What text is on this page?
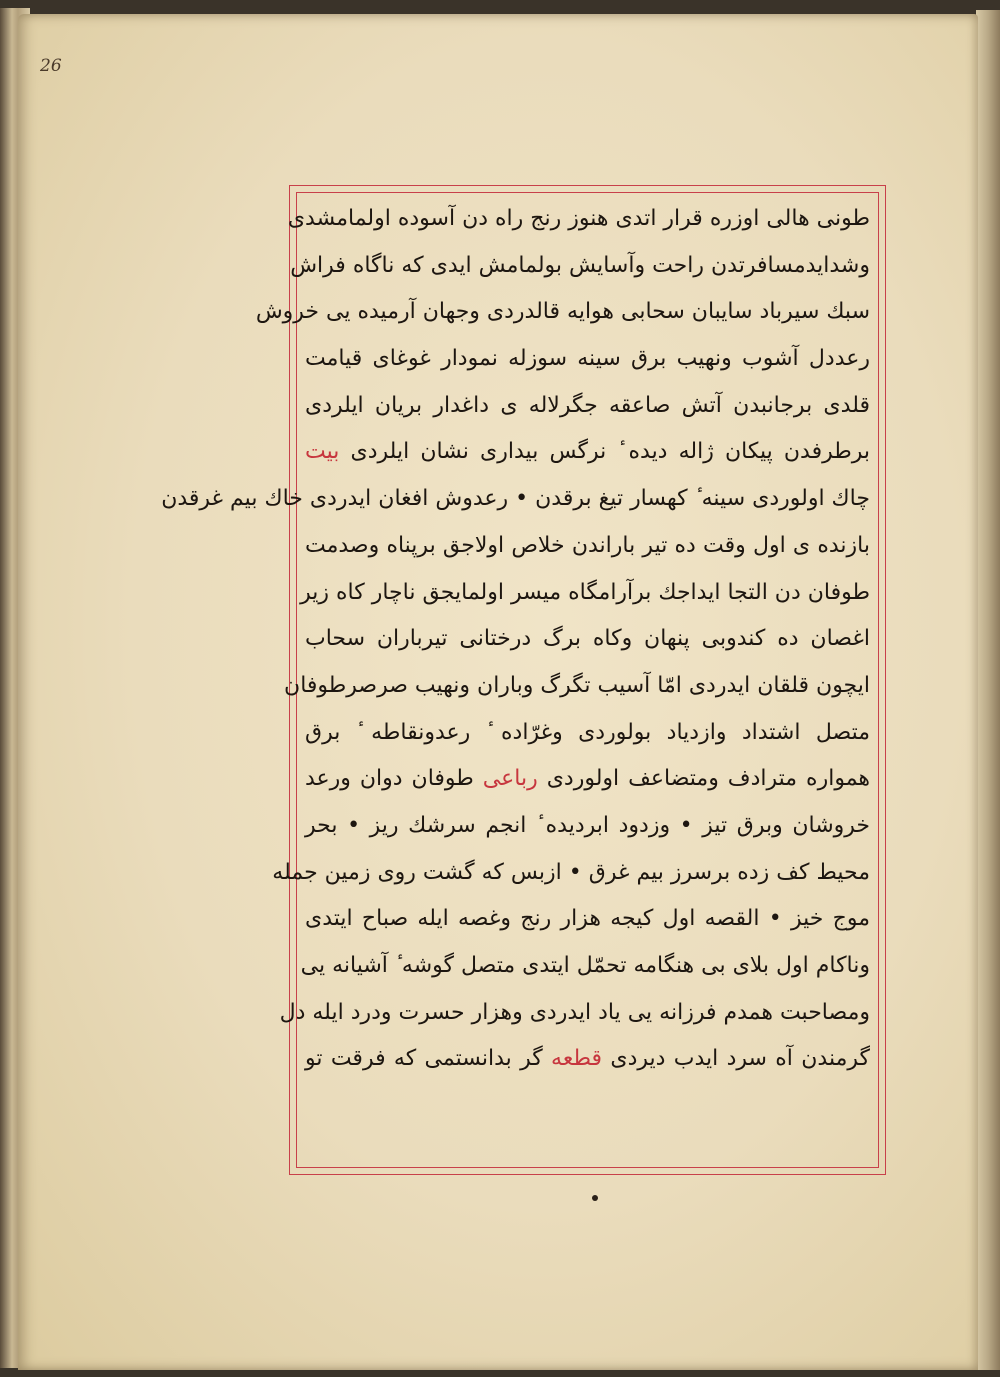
26
طونی هالی اوزره قرار اتدی هنوز رنج راه دن آسوده اولمامشدی
وشدایدمسافرتدن راحت وآسایش بولمامش ایدی که ناگاه فراش
سبك سیرباد سایبان سحابی هوایه قالدردی وجهان آرمیده یی خروش
رعددل آشوب ونهیب برق سینه سوزله نمودار غوغای قیامت
قلدی برجانبدن آتش صاعقه جگرلاله ی داغدار بریان ایلردی
برطرفدن پیکان ژاله دیده ٔ نرگس بیداری نشان ایلردی بیت
چاك اولوردی سینه ٔ کهسار تیغ برقدن • رعدوش افغان ایدردی خاك بیم غرقدن
بازنده ی اول وقت ده تیر باراندن خلاص اولاجق برپناه وصدمت
طوفان دن التجا ایداجك برآرامگاه میسر اولمایجق ناچار کاه زیر
اغصان ده کندوبی پنهان وکاه برگ درختانی تیرباران سحاب
ایچون قلقان ایدردی امّا آسیب تگرگ وباران ونهیب صرصرطوفان
متصل اشتداد وازدیاد بولوردی وغرّاده ٔ رعدونقاطه ٔ برق
همواره مترادف ومتضاعف اولوردی رباعی طوفان دوان ورعد
خروشان وبرق تیز • وزدود ابردیده ٔ انجم سرشك ریز • بحر
محیط کف زده برسرز بیم غرق • ازبس که گشت روی زمین جمله
موج خیز • القصه اول کیجه هزار رنج وغصه ایله صباح ایتدی
وناکام اول بلای بی هنگامه تحمّل ایتدی متصل گوشه ٔ آشیانه یی
ومصاحبت همدم فرزانه یی یاد ایدردی وهزار حسرت ودرد ایله دل
گرمندن آه سرد ایدب دیردی قطعه گر بدانستمی که فرقت تو
